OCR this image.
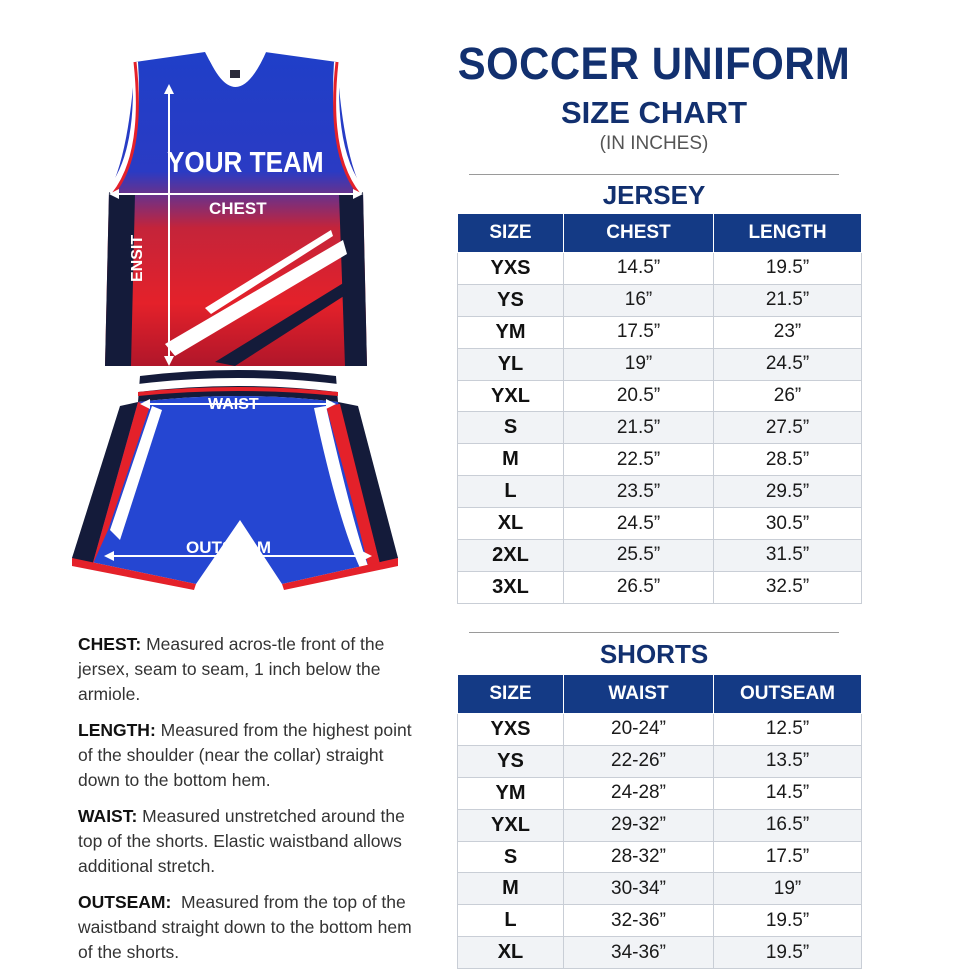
SOCCER UNIFORM
SIZE CHART
(IN INCHES)
JERSEY
SIZE	CHEST	LENGTH
YXS	14.5”	19.5”
YS	16”	21.5”
YM	17.5”	23”
YL	19”	24.5”
YXL	20.5”	26”
S	21.5”	27.5”
M	22.5”	28.5”
L	23.5”	29.5”
XL	24.5”	30.5”
2XL	25.5”	31.5”
3XL	26.5”	32.5”
SHORTS
SIZE	WAIST	OUTSEAM
YXS	20-24”	12.5”
YS	22-26”	13.5”
YM	24-28”	14.5”
YXL	29-32”	16.5”
S	28-32”	17.5”
M	30-34”	19”
L	32-36”	19.5”
XL	34-36”	19.5”
YOUR TEAM
CHEST
ENSIT
WAIST
OUTSEAM

CHEST: Measured acros-tle front of the jersex, seam to seam, 1 inch below the armiole.

LENGTH: Measured from the highest point of the shoulder (near the collar) straight down to the bottom hem.

WAIST: Measured unstretched around the top of the shorts. Elastic waistband allows additional stretch.

OUTSEAM:  Measured from the top of the waistband straight down to the bottom hem of the shorts.
